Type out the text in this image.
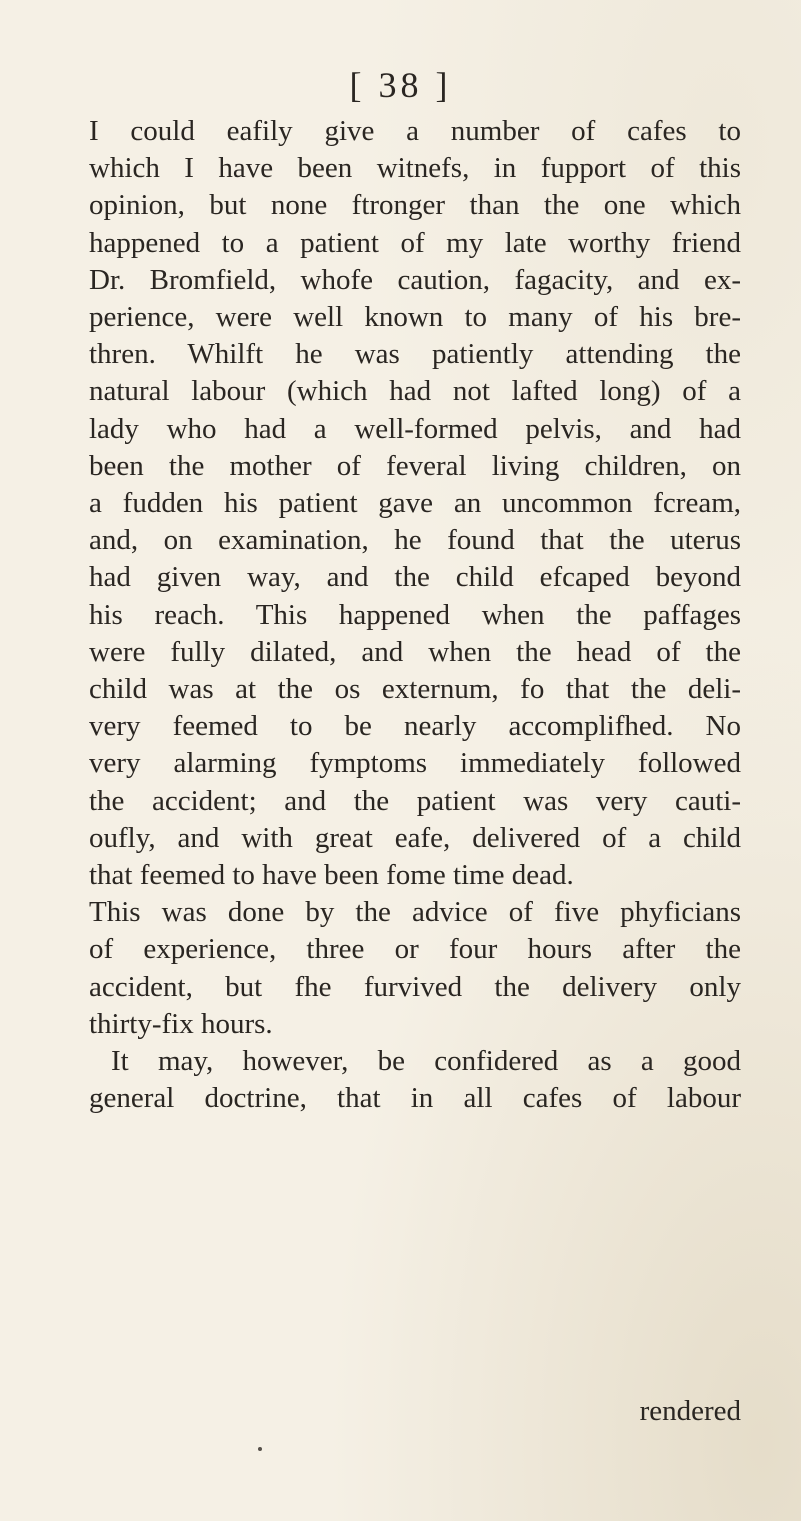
[ 38 ]
I could eafily give a number of cafes to
which I have been witnefs, in fupport of this
opinion, but none ftronger than the one which
happened to a patient of my late worthy friend
Dr. Bromfield, whofe caution, fagacity, and ex-
perience, were well known to many of his bre-
thren. Whilft he was patiently attending the
natural labour (which had not lafted long) of a
lady who had a well-formed pelvis, and had
been the mother of feveral living children, on
a fudden his patient gave an uncommon fcream,
and, on examination, he found that the uterus
had given way, and the child efcaped beyond
his reach. This happened when the paffages
were fully dilated, and when the head of the
child was at the os externum, fo that the deli-
very feemed to be nearly accomplifhed. No
very alarming fymptoms immediately followed
the accident; and the patient was very cauti-
oufly, and with great eafe, delivered of a child
that feemed to have been fome time dead.
This was done by the advice of five phyficians
of experience, three or four hours after the
accident, but fhe furvived the delivery only
thirty-fix hours.
It may, however, be confidered as a good
general doctrine, that in all cafes of labour
rendered
